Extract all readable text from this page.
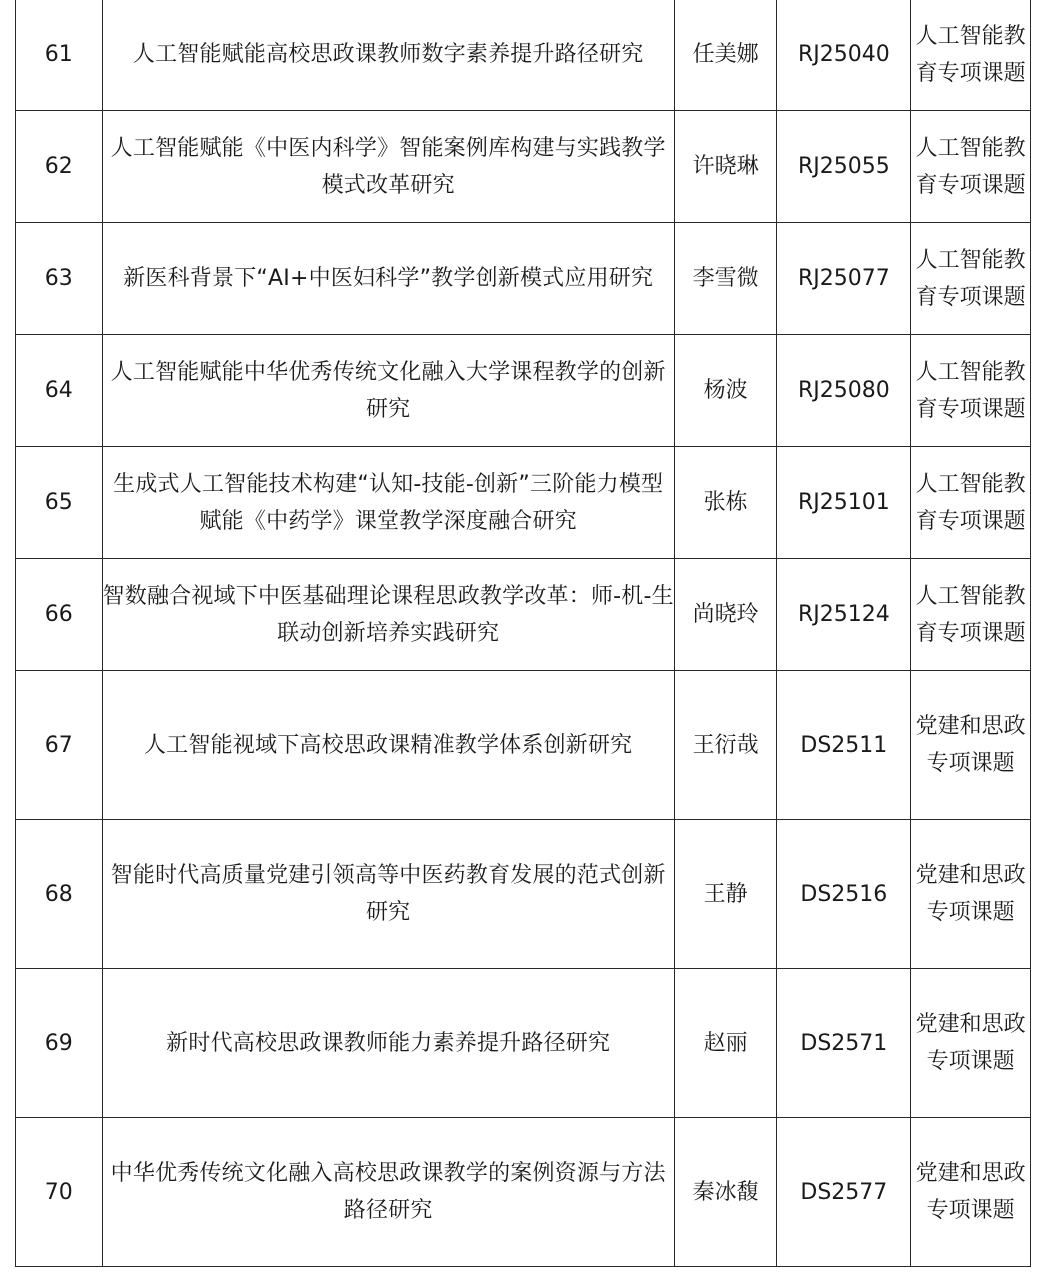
61	人工智能赋能高校思政课教师数字素养提升路径研究	任美娜	RJ25040	人工智能教育专项课题
62	人工智能赋能《中医内科学》智能案例库构建与实践教学模式改革研究	许晓琳	RJ25055	人工智能教育专项课题
63	新医科背景下“AI+中医妇科学”教学创新模式应用研究	李雪微	RJ25077	人工智能教育专项课题
64	人工智能赋能中华优秀传统文化融入大学课程教学的创新研究	杨波	RJ25080	人工智能教育专项课题
65	生成式人工智能技术构建“认知-技能-创新”三阶能力模型赋能《中药学》课堂教学深度融合研究	张栋	RJ25101	人工智能教育专项课题
66	智数融合视域下中医基础理论课程思政教学改革：师-机-生联动创新培养实践研究	尚晓玲	RJ25124	人工智能教育专项课题
67	人工智能视域下高校思政课精准教学体系创新研究	王衍哉	DS2511	党建和思政专项课题
68	智能时代高质量党建引领高等中医药教育发展的范式创新研究	王静	DS2516	党建和思政专项课题
69	新时代高校思政课教师能力素养提升路径研究	赵丽	DS2571	党建和思政专项课题
70	中华优秀传统文化融入高校思政课教学的案例资源与方法路径研究	秦冰馥	DS2577	党建和思政专项课题
